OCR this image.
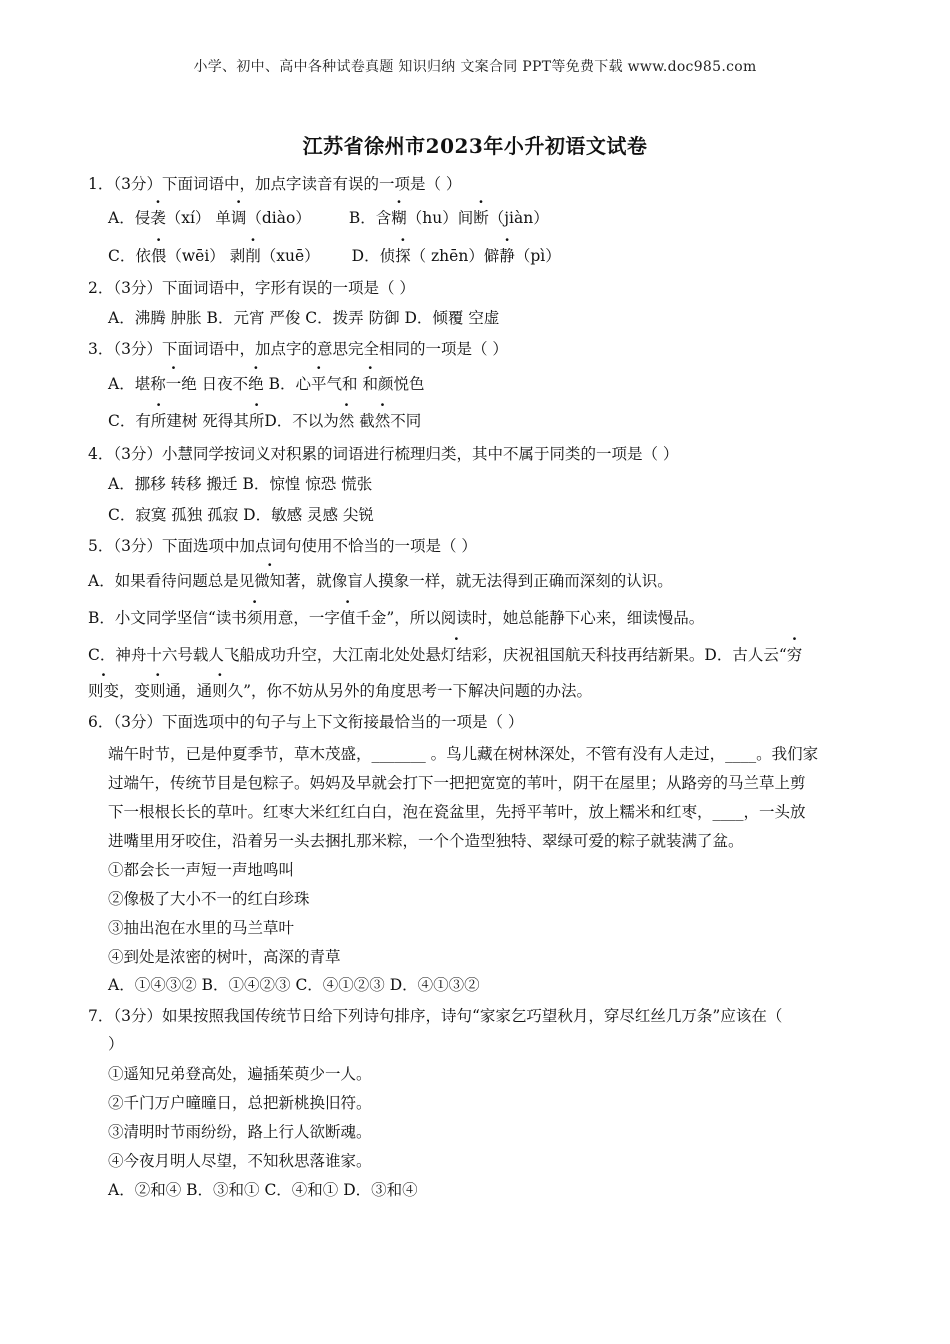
小学、初中、高中各种试卷真题 知识归纳 文案合同 PPT等免费下载 www.doc985.com
江苏省徐州市2023年小升初语文试卷
1．（3分）下面词语中，加点字读音有误的一项是（ ）
A．侵袭（xí） 单调（diào） B．含糊（hu）间断（jiàn）
C．依偎（wēi） 剥削（xuē） D．侦探（ zhēn）僻静（pì）
2．（3分）下面词语中，字形有误的一项是（ ）
A．沸腾 肿胀 B．元宵 严俊 C．拨弄 防御 D．倾覆 空虚
3．（3分）下面词语中，加点字的意思完全相同的一项是（ ）
A．堪称一绝 日夜不绝 B．心平气和 和颜悦色
C．有所建树 死得其所D．不以为然 截然不同
4．（3分）小慧同学按词义对积累的词语进行梳理归类，其中不属于同类的一项是（ ）
A．挪移 转移 搬迁 B．惊惶 惊恐 慌张
C．寂寞 孤独 孤寂 D．敏感 灵感 尖锐
5．（3分）下面选项中加点词句使用不恰当的一项是（ ）
A．如果看待问题总是见微知著，就像盲人摸象一样，就无法得到正确而深刻的认识。
B．小文同学坚信“. 读书须用意，. 一字值千金”，所以阅读时，她总能静下心来，细读慢品。
C．神舟十六号载人飞船成功升空，大江南北处处悬灯结彩，庆祝祖国航天科技再结新果。D．古人云“穷
则变，变则通，通则久”，你不妨从另外的角度思考一下解决问题的办法。
6．（3分）下面选项中的句子与上下文衔接最恰当的一项是（ ）
端午时节，已是仲夏季节，草木茂盛，_______ 。鸟儿藏在树林深处，不管有没有人走过，____。我们家
过端午，传统节目是包粽子。妈妈及早就会打下一把把宽宽的苇叶，阴干在屋里；从路旁的马兰草上剪
下一根根长长的草叶。红枣大米红红白白，泡在瓷盆里，先捋平苇叶，放上糯米和红枣，____，一头放
进嘴里用牙咬住，沿着另一头去捆扎那米粽，一个个造型独特、翠绿可爱的粽子就装满了盆。
①都会长一声短一声地鸣叫
②像极了大小不一的红白珍珠
③抽出泡在水里的马兰草叶
④到处是浓密的树叶，高深的青草
A．①④③② B．①④②③ C．④①②③ D．④①③②
7．（3分）如果按照我国传统节日给下列诗句排序，诗句“家家乞巧望秋月，穿尽红丝几万条”应该在（
）
①遥知兄弟登高处，遍插茱萸少一人。
②千门万户曈曈日，总把新桃换旧符。
③清明时节雨纷纷，路上行人欲断魂。
④今夜月明人尽望，不知秋思落谁家。
A．②和④ B．③和① C．④和① D．③和④
